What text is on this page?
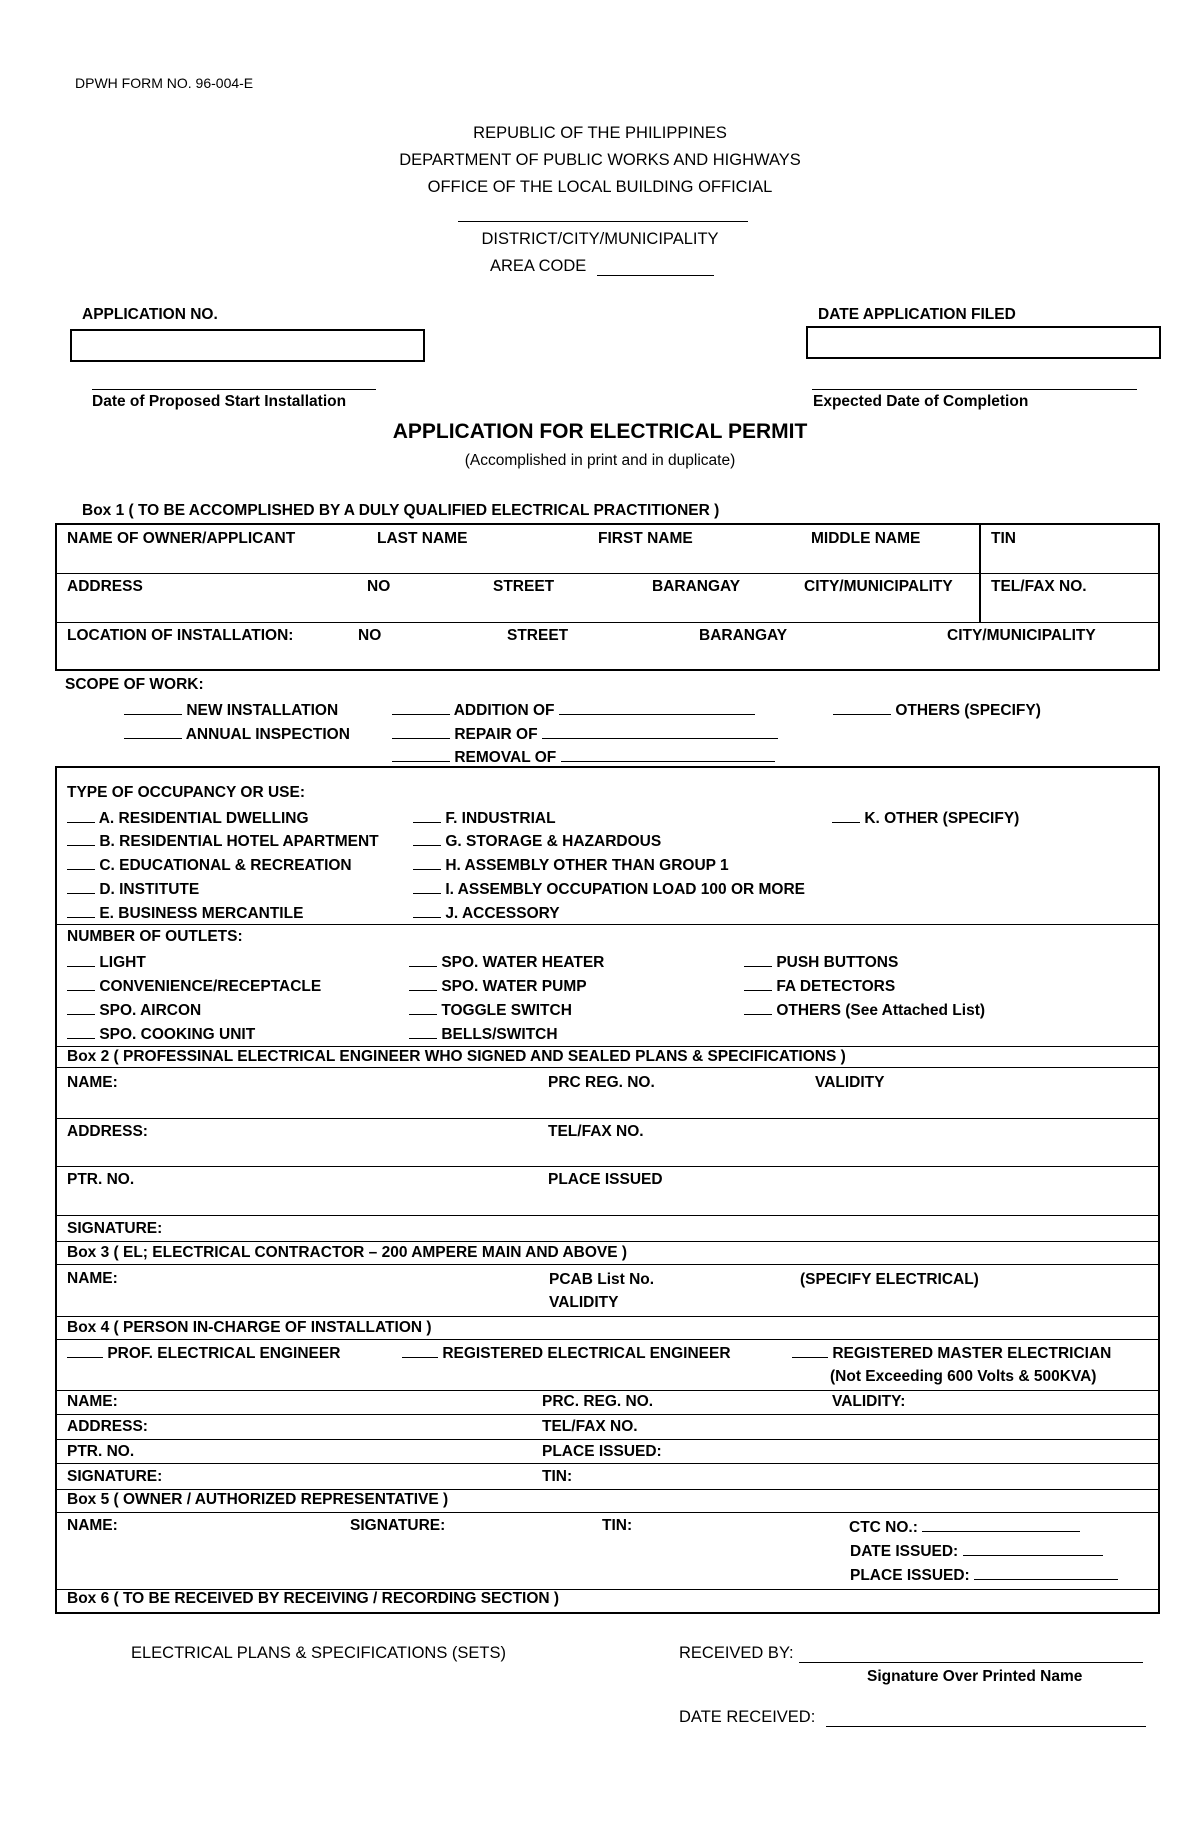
DPWH FORM NO. 96-004-E
REPUBLIC OF THE PHILIPPINES
DEPARTMENT OF PUBLIC WORKS AND HIGHWAYS
OFFICE OF THE LOCAL BUILDING OFFICIAL
DISTRICT/CITY/MUNICIPALITY
AREA CODE
APPLICATION NO.	DATE APPLICATION FILED
Date of Proposed Start Installation	Expected Date of Completion
APPLICATION FOR ELECTRICAL PERMIT
(Accomplished in print and in duplicate)
Box 1 ( TO BE ACCOMPLISHED BY A DULY QUALIFIED ELECTRICAL PRACTITIONER )
NAME OF OWNER/APPLICANT	LAST NAME	FIRST NAME	MIDDLE NAME	TIN
ADDRESS	NO	STREET	BARANGAY	CITY/MUNICIPALITY TEL/FAX NO.
LOCATION OF INSTALLATION:	NO	STREET	BARANGAY	CITY/MUNICIPALITY
SCOPE OF WORK:
NEW INSTALLATION
ANNUAL INSPECTION
ADDITION OF
REPAIR OF
REMOVAL OF
OTHERS (SPECIFY)
TYPE OF OCCUPANCY OR USE:
A. RESIDENTIAL DWELLING
B. RESIDENTIAL HOTEL APARTMENT
C. EDUCATIONAL & RECREATION
D. INSTITUTE
E. BUSINESS MERCANTILE
F. INDUSTRIAL
G. STORAGE & HAZARDOUS
H. ASSEMBLY OTHER THAN GROUP 1
I. ASSEMBLY OCCUPATION LOAD 100 OR MORE
J. ACCESSORY
K. OTHER (SPECIFY)
NUMBER OF OUTLETS:
LIGHT
CONVENIENCE/RECEPTACLE
SPO. AIRCON
SPO. COOKING UNIT
SPO. WATER HEATER
SPO. WATER PUMP
TOGGLE SWITCH
BELLS/SWITCH
PUSH BUTTONS
FA DETECTORS
OTHERS (See Attached List)
Box 2 ( PROFESSINAL ELECTRICAL ENGINEER WHO SIGNED AND SEALED PLANS & SPECIFICATIONS )
NAME:	PRC REG. NO.	VALIDITY
ADDRESS:	TEL/FAX NO.
PTR. NO.	PLACE ISSUED
SIGNATURE:
Box 3 ( EL; ELECTRICAL CONTRACTOR – 200 AMPERE MAIN AND ABOVE )
NAME:	PCAB List No.	(SPECIFY ELECTRICAL)
VALIDITY
Box 4 ( PERSON IN-CHARGE OF INSTALLATION )
PROF. ELECTRICAL ENGINEER	REGISTERED ELECTRICAL ENGINEER	REGISTERED MASTER ELECTRICIAN
(Not Exceeding 600 Volts & 500KVA)
NAME:	PRC. REG. NO.	VALIDITY:
ADDRESS:	TEL/FAX NO.
PTR. NO.	PLACE ISSUED:
SIGNATURE:	TIN:
Box 5 ( OWNER / AUTHORIZED REPRESENTATIVE )
NAME:	SIGNATURE:	TIN:	CTC NO.:
DATE ISSUED:
PLACE ISSUED:
Box 6 ( TO BE RECEIVED BY RECEIVING / RECORDING SECTION )
ELECTRICAL PLANS & SPECIFICATIONS (SETS)	RECEIVED BY:
Signature Over Printed Name
DATE RECEIVED:
